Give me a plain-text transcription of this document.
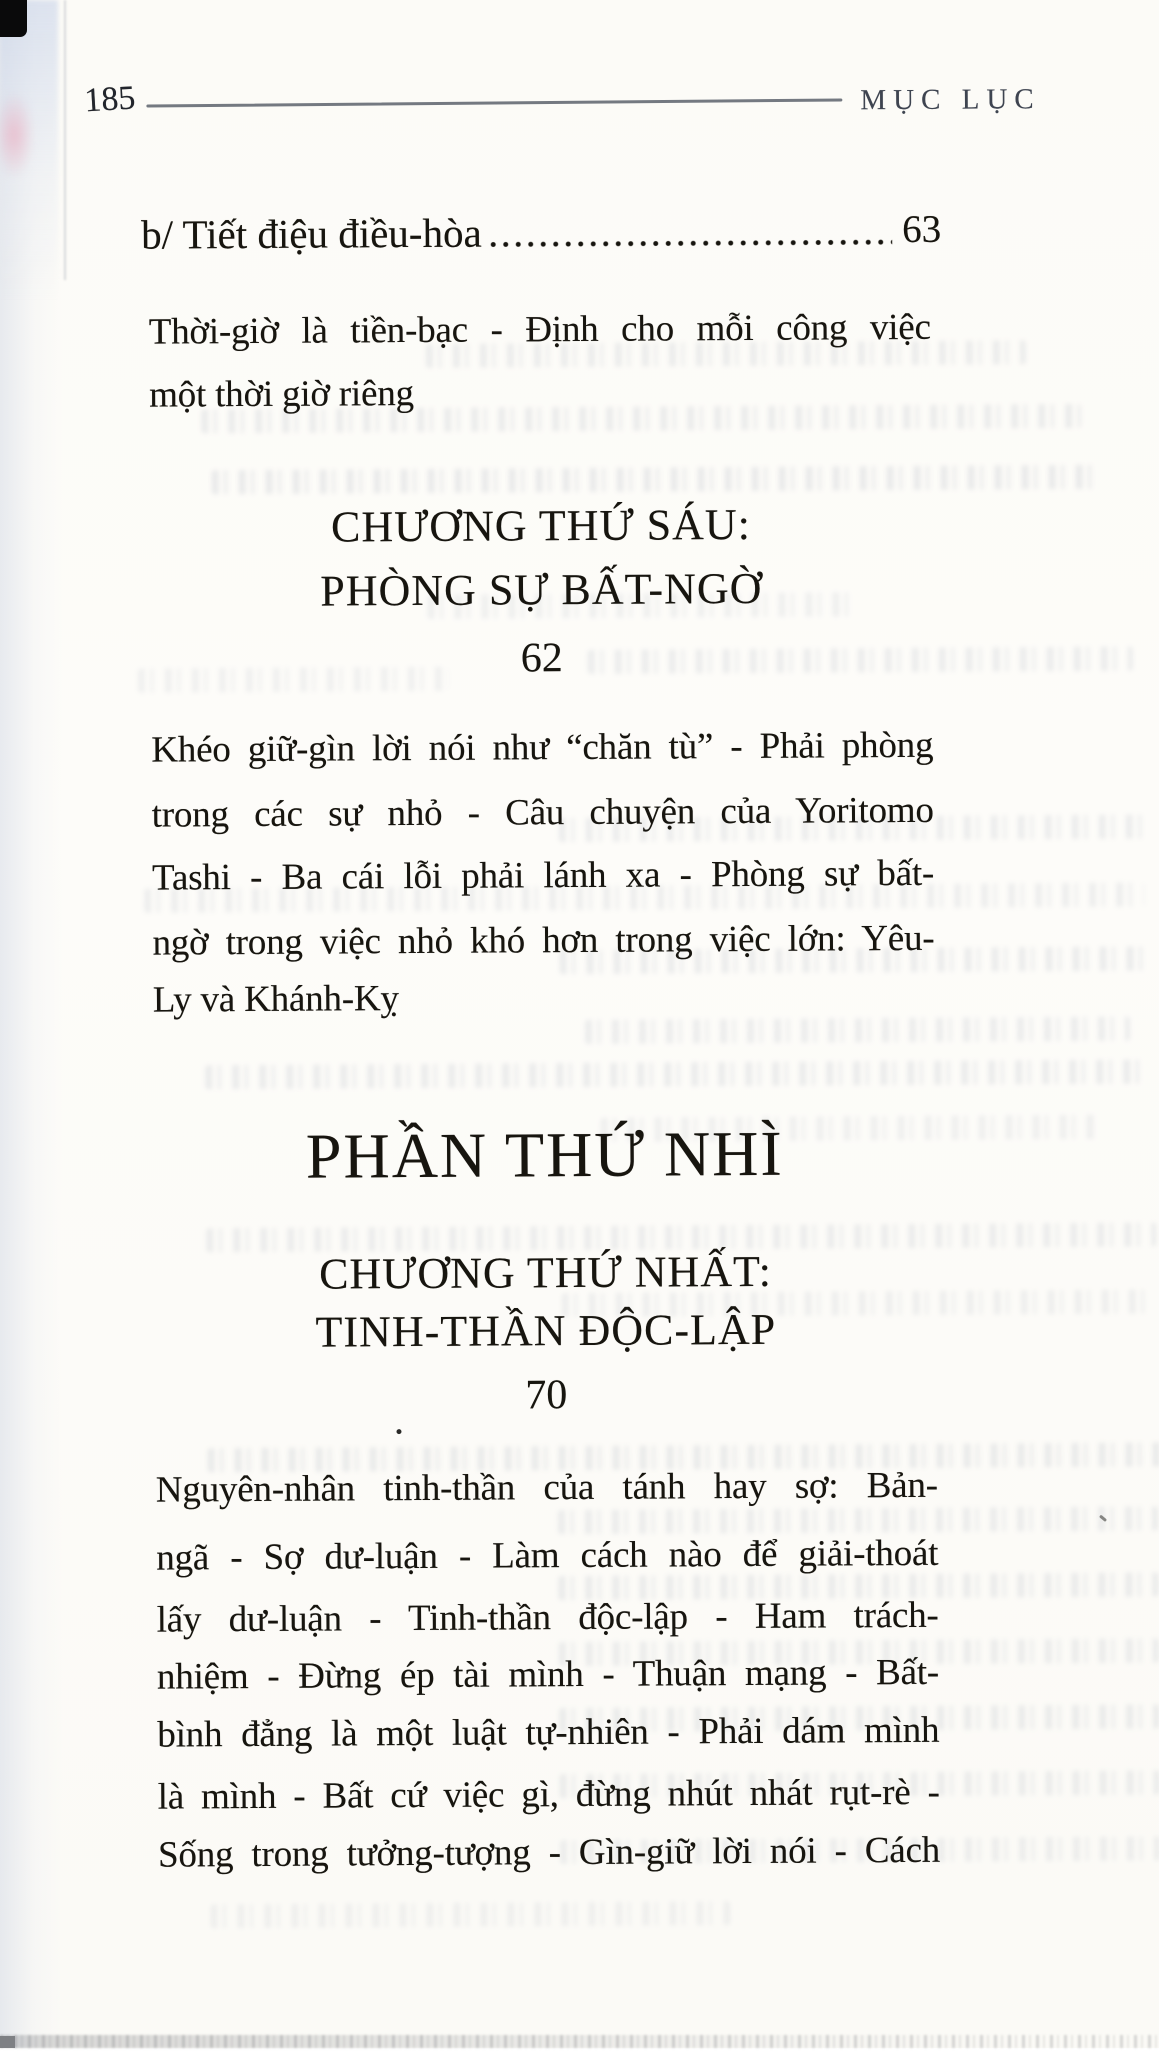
185	MỤC LỤC
b/ Tiết điệu điều-hòa	63
Thời-giờ là tiền-bạc - Định cho mỗi công việc
một thời giờ riêng
CHƯƠNG THỨ SÁU:
PHÒNG SỰ BẤT-NGỜ
62
Khéo giữ-gìn lời nói như “chăn tù” - Phải phòng
trong các sự nhỏ - Câu chuyện của Yoritomo
Tashi - Ba cái lỗi phải lánh xa - Phòng sự bất-
ngờ trong việc nhỏ khó hơn trong việc lớn: Yêu-
Ly và Khánh-Kỵ
PHẦN THỨ NHÌ
CHƯƠNG THỨ NHẤT:
TINH-THẦN ĐỘC-LẬP
70
Nguyên-nhân tinh-thần của tánh hay sợ: Bản-
ngã - Sợ dư-luận - Làm cách nào để giải-thoát
lấy dư-luận - Tinh-thần độc-lập - Ham trách-
nhiệm - Đừng ép tài mình - Thuận mạng - Bất-
bình đẳng là một luật tự-nhiên - Phải dám mình
là mình - Bất cứ việc gì, đừng nhút nhát rụt-rè -
Sống trong tưởng-tượng - Gìn-giữ lời nói - Cách
